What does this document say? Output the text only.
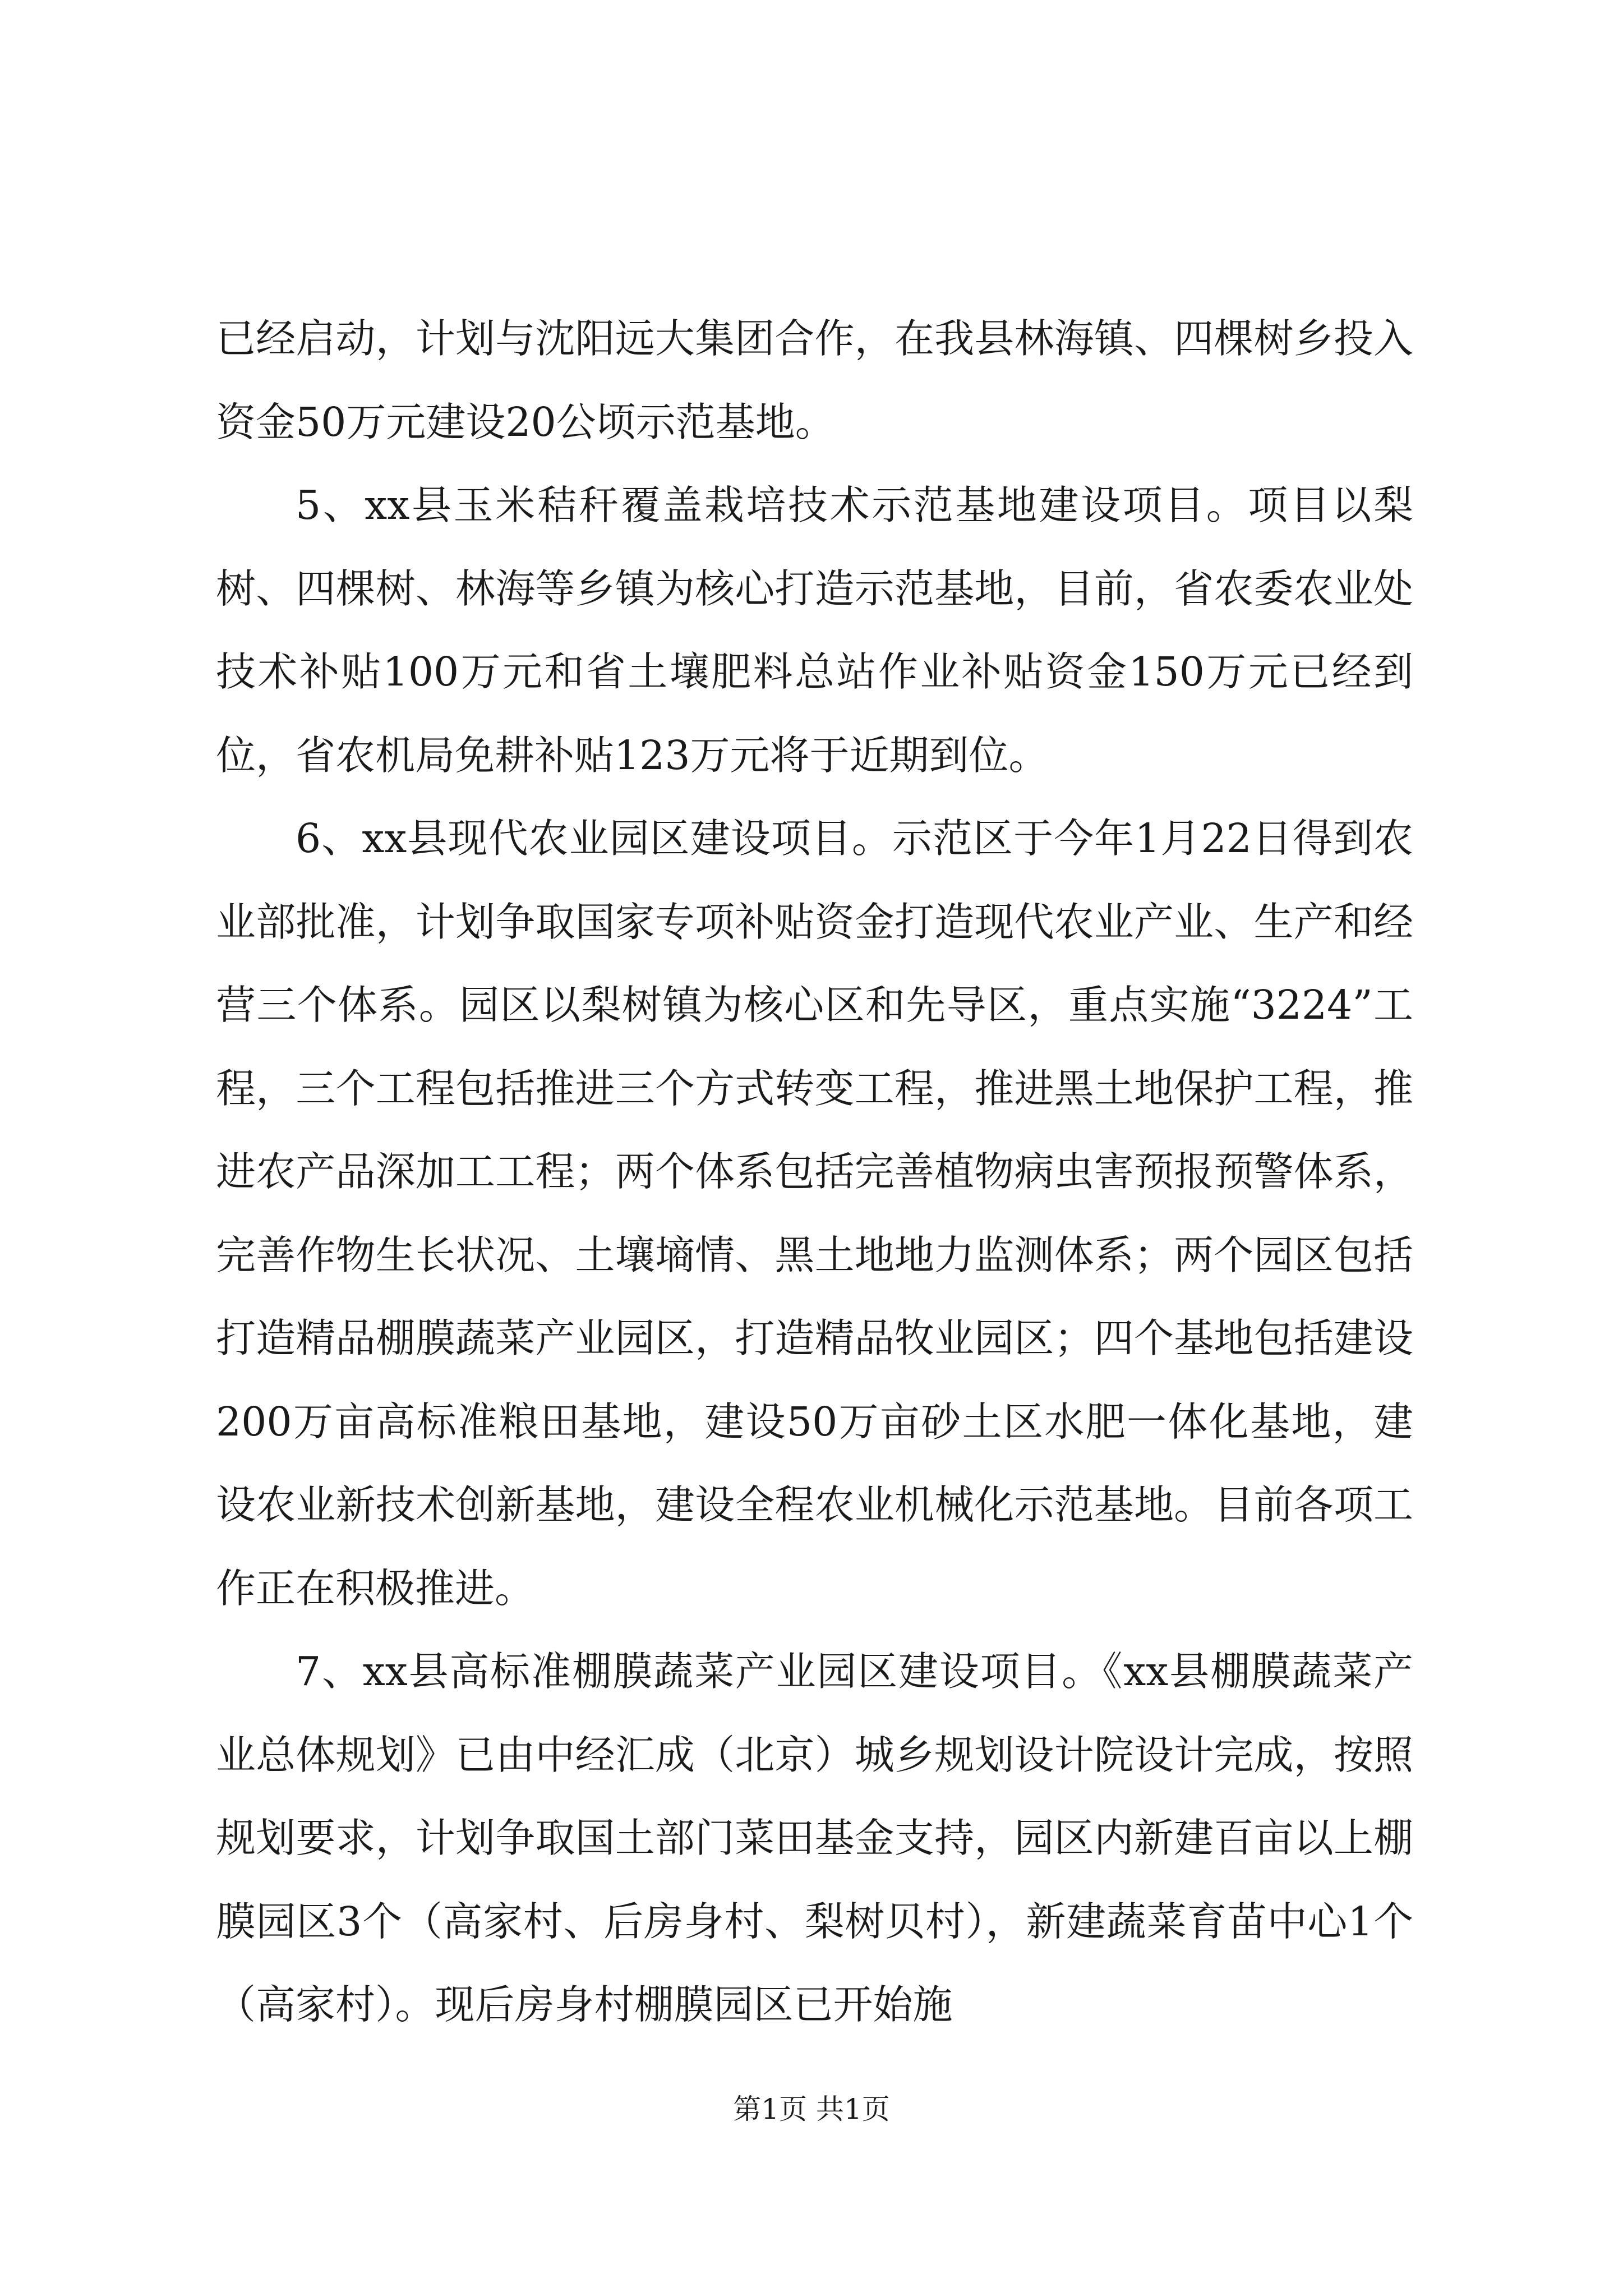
已经启动，计划与沈阳远大集团合作，在我县林海镇、四棵树乡投入资金50万元建设20公顷示范基地。

5、xx县玉米秸秆覆盖栽培技术示范基地建设项目。项目以梨树、四棵树、林海等乡镇为核心打造示范基地，目前，省农委农业处技术补贴100万元和省土壤肥料总站作业补贴资金150万元已经到位，省农机局免耕补贴123万元将于近期到位。

6、xx县现代农业园区建设项目。示范区于今年1月22日得到农业部批准，计划争取国家专项补贴资金打造现代农业产业、生产和经营三个体系。园区以梨树镇为核心区和先导区，重点实施“3224”工程，三个工程包括推进三个方式转变工程，推进黑土地保护工程，推进农产品深加工工程；两个体系包括完善植物病虫害预报预警体系，完善作物生长状况、土壤墒情、黑土地地力监测体系；两个园区包括打造精品棚膜蔬菜产业园区，打造精品牧业园区；四个基地包括建设200万亩高标准粮田基地，建设50万亩砂土区水肥一体化基地，建设农业新技术创新基地，建设全程农业机械化示范基地。目前各项工作正在积极推进。

7、xx县高标准棚膜蔬菜产业园区建设项目。《xx县棚膜蔬菜产业总体规划》已由中经汇成（北京）城乡规划设计院设计完成，按照规划要求，计划争取国土部门菜田基金支持，园区内新建百亩以上棚膜园区3个（高家村、后房身村、梨树贝村），新建蔬菜育苗中心1个（高家村）。现后房身村棚膜园区已开始施

第1页 共1页
